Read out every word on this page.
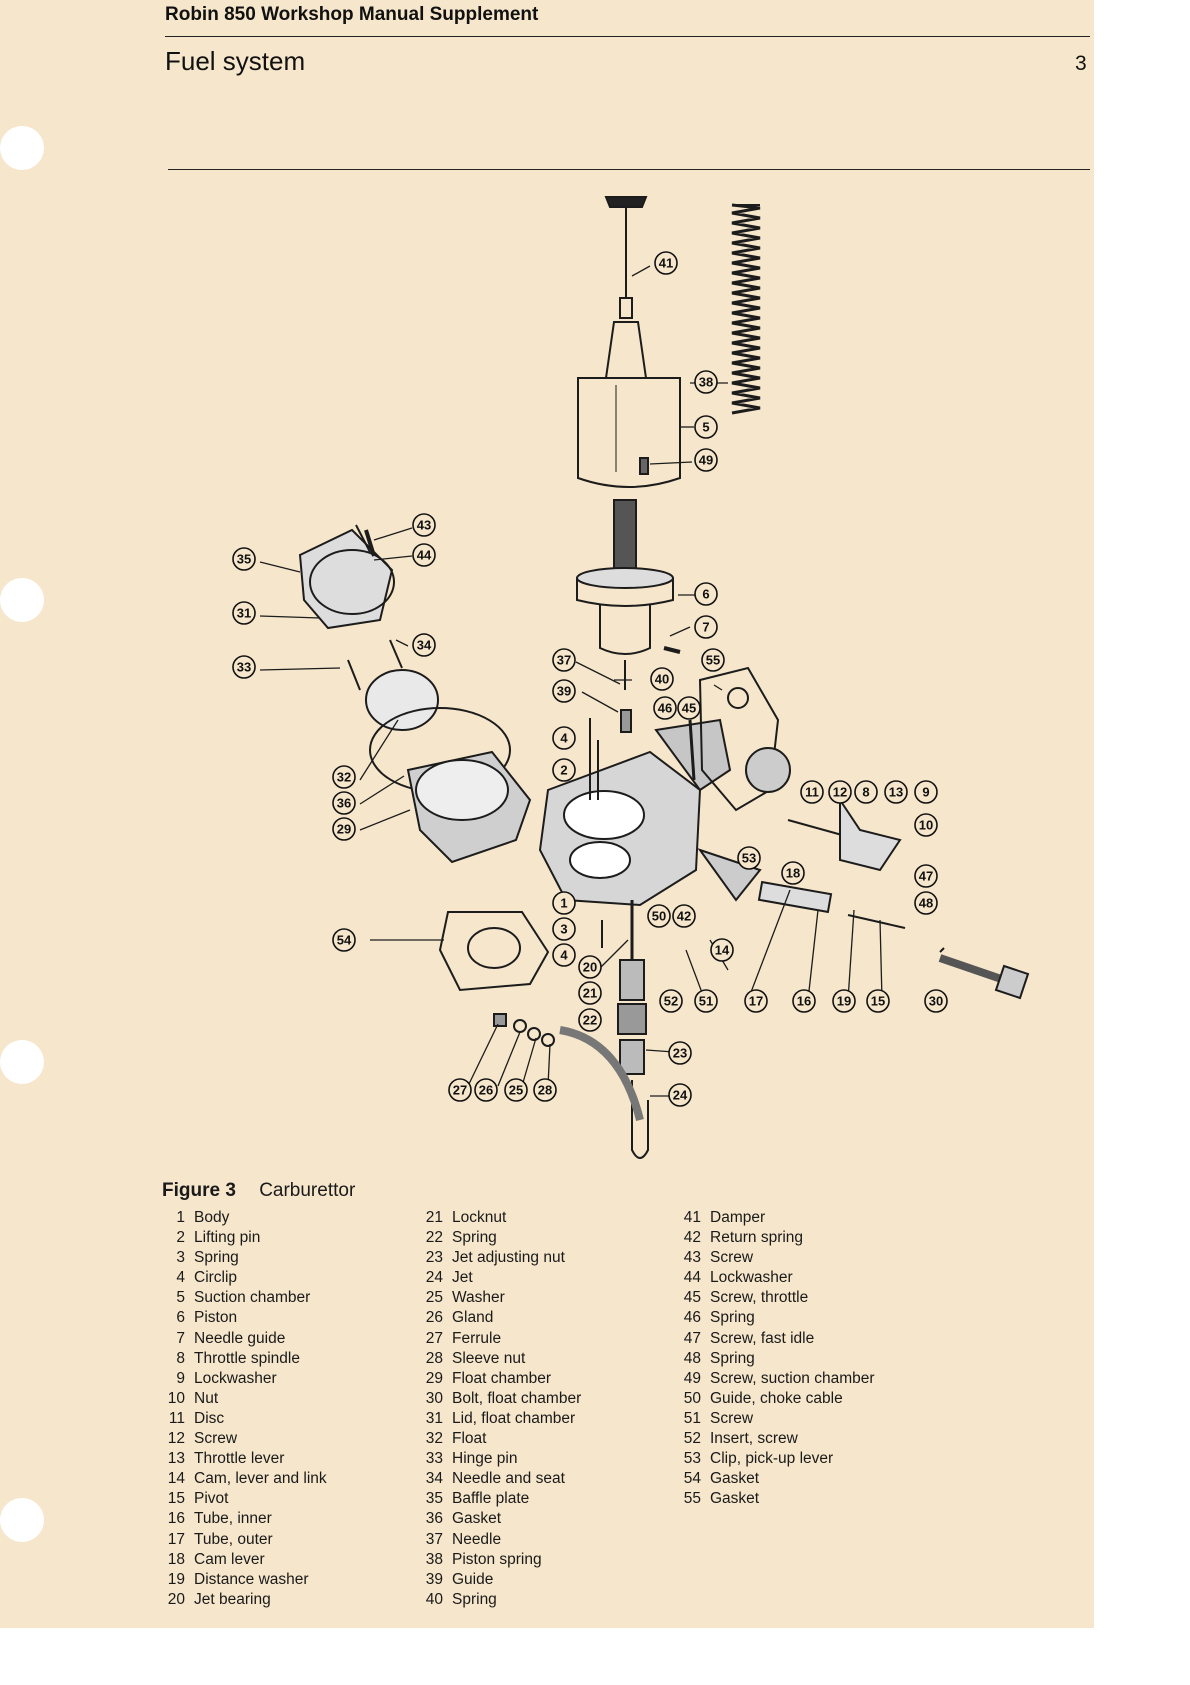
Robin 850 Workshop Manual Supplement
Fuel system	3
41
38
5
49
43
44
35
31
33
34
6
7
37	55
40
39
46 45
4
2
32
36
29
11 12 8 13 9
10
53
18	47
48
1
50 42
3
14
54
4
20
52 51	17	16 19 15	30
21
22
23
27 26 25 28	24
Figure 3 Carburettor
1 Body
2 Lifting pin
3 Spring
4 Circlip
5 Suction chamber
6 Piston
7 Needle guide
8 Throttle spindle
9 Lockwasher
10 Nut
11 Disc
12 Screw
13 Throttle lever
14 Cam, lever and link
15 Pivot
16 Tube, inner
17 Tube, outer
18 Cam lever
19 Distance washer
20 Jet bearing
21 Locknut
22 Spring
23 Jet adjusting nut
24 Jet
25 Washer
26 Gland
27 Ferrule
28 Sleeve nut
29 Float chamber
30 Bolt, float chamber
31 Lid, float chamber
32 Float
33 Hinge pin
34 Needle and seat
35 Baffle plate
36 Gasket
37 Needle
38 Piston spring
39 Guide
40 Spring
41 Damper
42 Return spring
43 Screw
44 Lockwasher
45 Screw, throttle
46 Spring
47 Screw, fast idle
48 Spring
49 Screw, suction chamber
50 Guide, choke cable
51 Screw
52 Insert, screw
53 Clip, pick-up lever
54 Gasket
55 Gasket
